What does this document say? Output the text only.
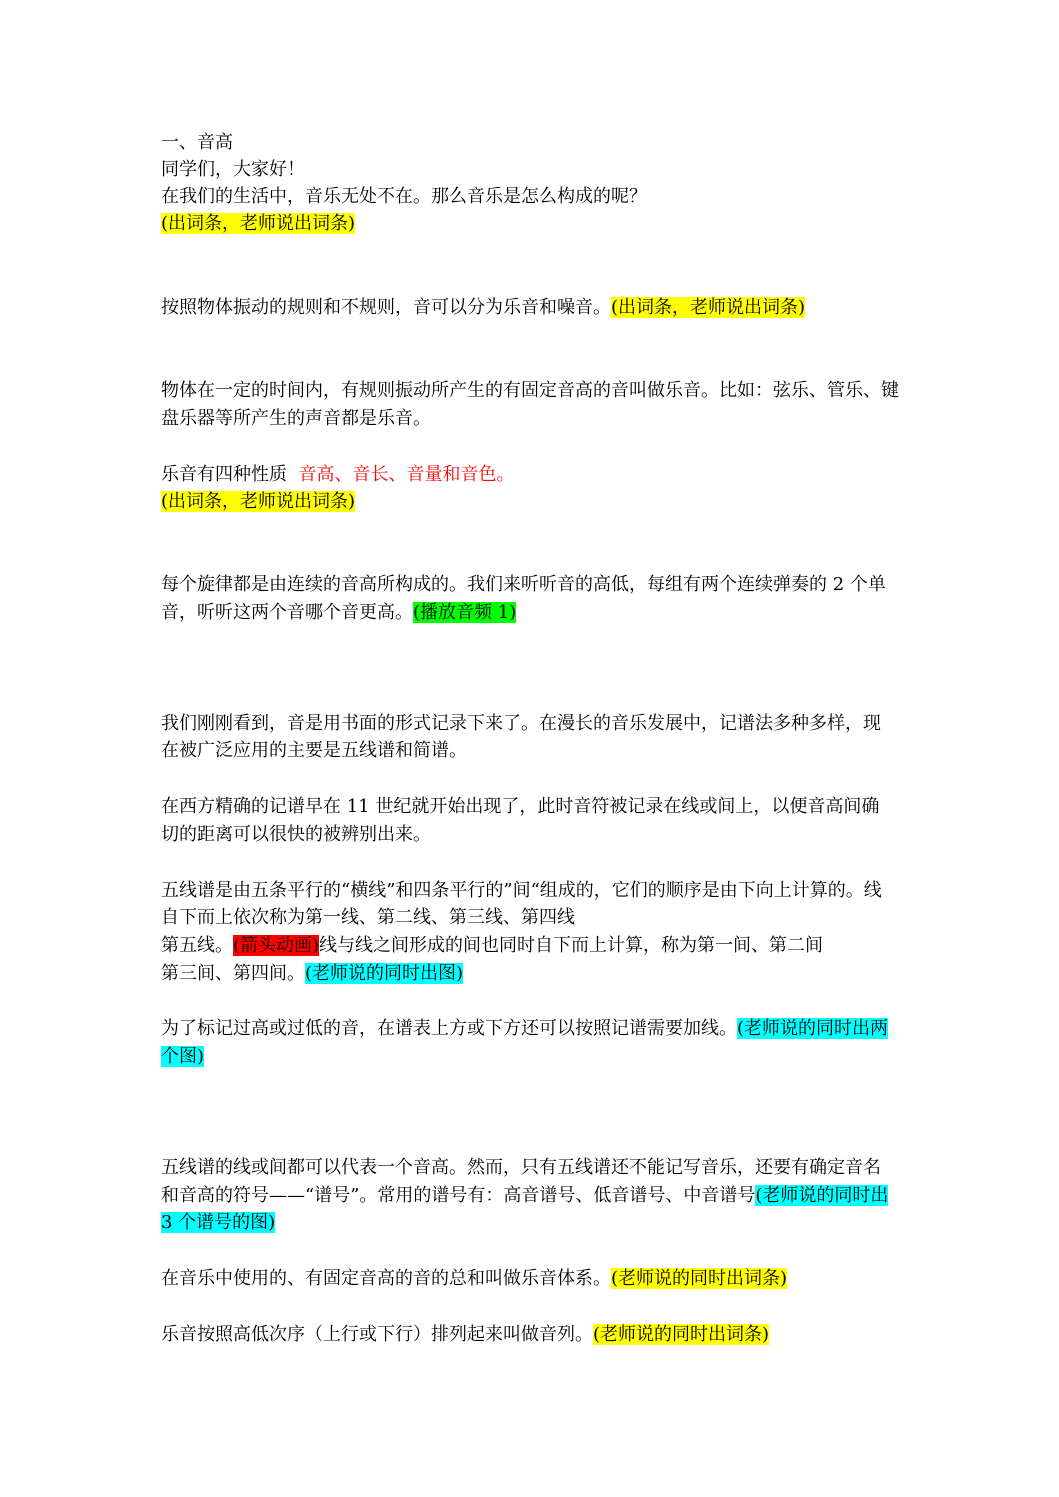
一、音高
同学们，大家好！
在我们的生活中，音乐无处不在。那么音乐是怎么构成的呢？
(出词条，老师说出词条)
按照物体振动的规则和不规则，音可以分为乐音和噪音。(出词条，老师说出词条)
物体在一定的时间内，有规则振动所产生的有固定音高的音叫做乐音。比如：弦乐、管乐、键
盘乐器等所产生的声音都是乐音。
乐音有四种性质 音高、音长、音量和音色。
(出词条，老师说出词条)
每个旋律都是由连续的音高所构成的。我们来听听音的高低，每组有两个连续弹奏的 2 个单
音，听听这两个音哪个音更高。(播放音频 1)
我们刚刚看到，音是用书面的形式记录下来了。在漫长的音乐发展中，记谱法多种多样，现
在被广泛应用的主要是五线谱和简谱。
在西方精确的记谱早在 11 世纪就开始出现了，此时音符被记录在线或间上，以便音高间确
切的距离可以很快的被辨别出来。
五线谱是由五条平行的“横线”和四条平行的”间“组成的，它们的顺序是由下向上计算的。线
自下而上依次称为第一线、第二线、第三线、第四线
第五线。(箭头动画)线与线之间形成的间也同时自下而上计算，称为第一间、第二间
第三间、第四间。(老师说的同时出图)
为了标记过高或过低的音，在谱表上方或下方还可以按照记谱需要加线。(老师说的同时出两
个图)
五线谱的线或间都可以代表一个音高。然而，只有五线谱还不能记写音乐，还要有确定音名
和音高的符号——“谱号”。常用的谱号有：高音谱号、低音谱号、中音谱号(老师说的同时出
3 个谱号的图)
在音乐中使用的、有固定音高的音的总和叫做乐音体系。(老师说的同时出词条)
乐音按照高低次序（上行或下行）排列起来叫做音列。(老师说的同时出词条)
